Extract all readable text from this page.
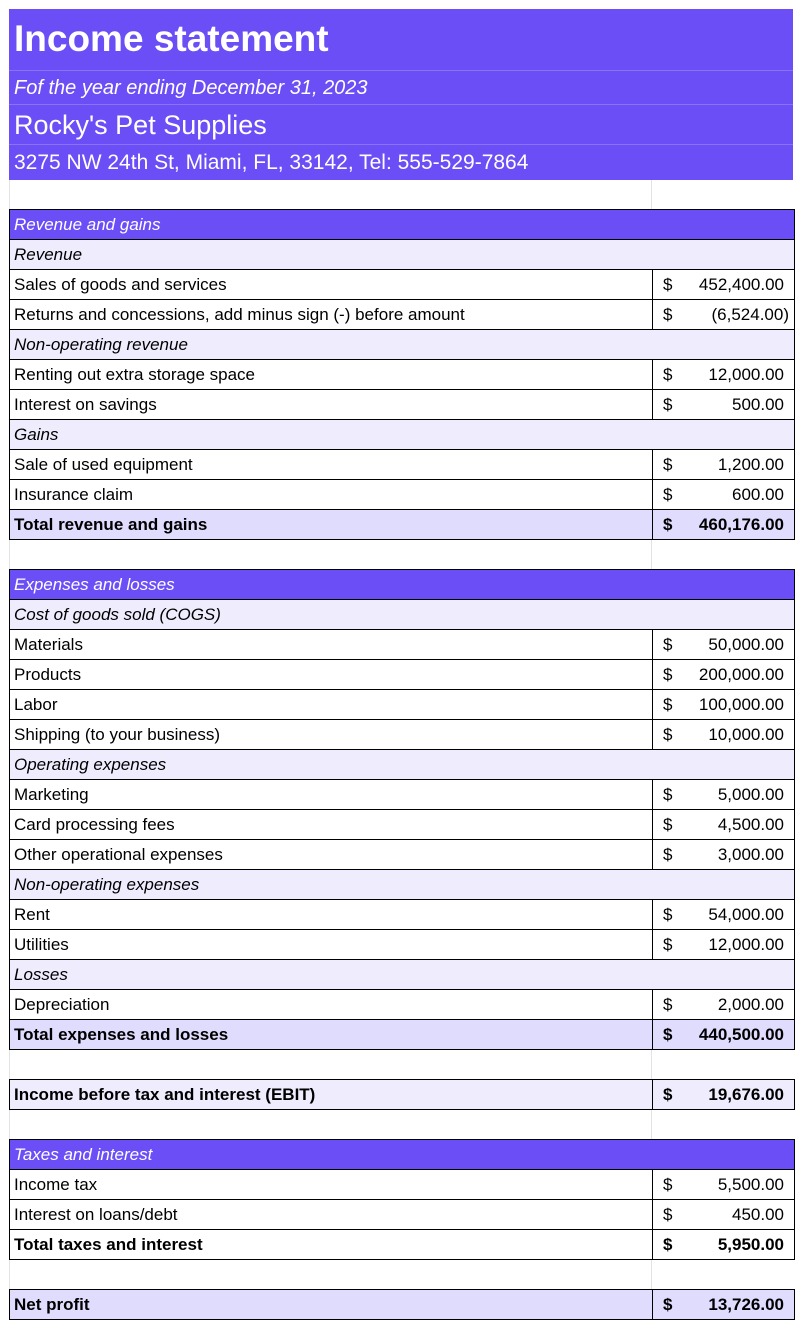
Income statement
Fof the year ending December 31, 2023
Rocky's Pet Supplies
3275 NW 24th St, Miami, FL, 33142, Tel: 555-529-7864
Revenue and gains
Revenue
Sales of goods and services	$ 452,400.00
Returns and concessions, add minus sign (-) before amount	$ (6,524.00)
Non-operating revenue
Renting out extra storage space	$ 12,000.00
Interest on savings	$	500.00
Gains
Sale of used equipment	$	1,200.00
Insurance claim	$	600.00
Total revenue and gains	$ 460,176.00
Expenses and losses
Cost of goods sold (COGS)
Materials	$ 50,000.00
Products	$ 200,000.00
Labor	$ 100,000.00
Shipping (to your business)	$ 10,000.00
Operating expenses
Marketing	$	5,000.00
Card processing fees	$	4,500.00
Other operational expenses	$	3,000.00
Non-operating expenses
Rent	$ 54,000.00
Utilities	$ 12,000.00
Losses
Depreciation	$	2,000.00
Total expenses and losses	$ 440,500.00
Income before tax and interest (EBIT)	$ 19,676.00
Taxes and interest
Income tax	$	5,500.00
Interest on loans/debt	$	450.00
Total taxes and interest	$	5,950.00
Net profit	$ 13,726.00
